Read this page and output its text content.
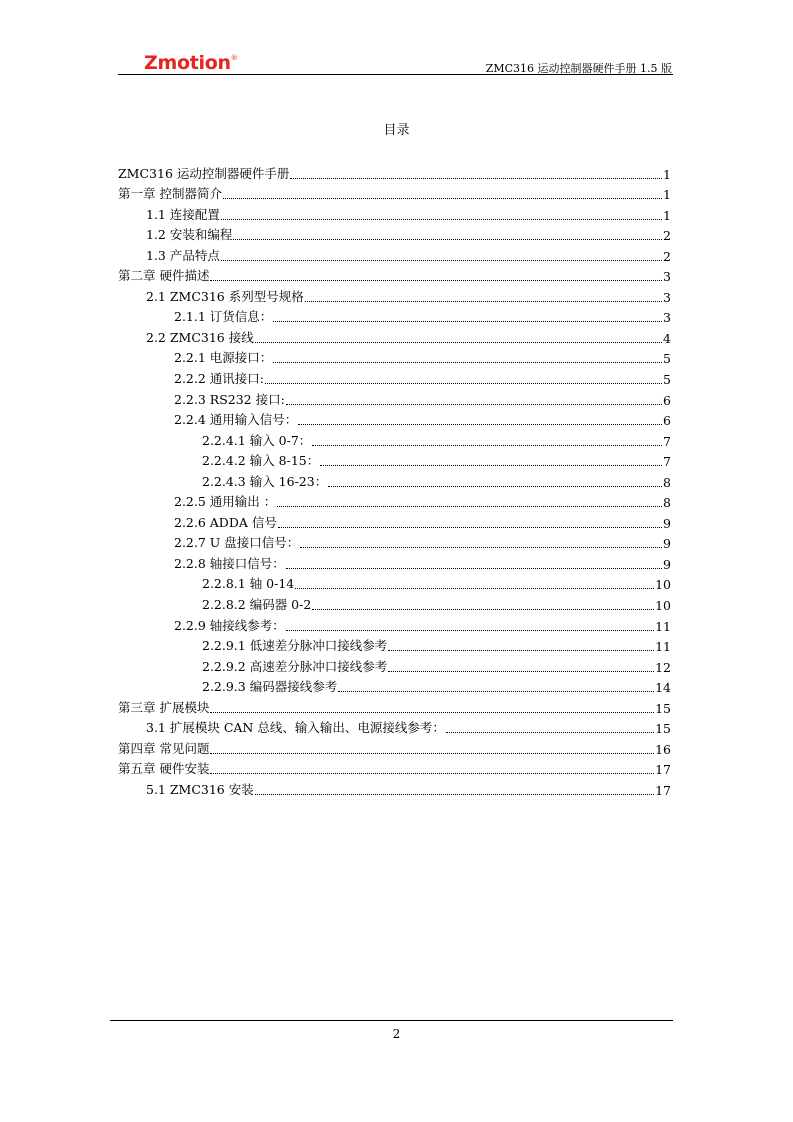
Zmotion®
ZMC316 运动控制器硬件手册 1.5 版
目录
ZMC316 运动控制器硬件手册	1
第一章 控制器简介	1
1.1 连接配置	1
1.2 安装和编程	2
1.3 产品特点	2
第二章 硬件描述	3
2.1 ZMC316 系列型号规格	3
2.1.1 订货信息：	3
2.2 ZMC316 接线	4
2.2.1 电源接口：	5
2.2.2 通讯接口:	5
2.2.3 RS232 接口:	6
2.2.4 通用输入信号：	6
2.2.4.1 输入 0-7：	7
2.2.4.2 输入 8-15：	7
2.2.4.3 输入 16-23：	8
2.2.5 通用输出 ：	8
2.2.6 ADDA 信号	9
2.2.7 U 盘接口信号：	9
2.2.8 轴接口信号：	9
2.2.8.1 轴 0-14	10
2.2.8.2 编码器 0-2	10
2.2.9 轴接线参考：	11
2.2.9.1 低速差分脉冲口接线参考	11
2.2.9.2 高速差分脉冲口接线参考	12
2.2.9.3 编码器接线参考	14
第三章 扩展模块	15
3.1 扩展模块 CAN 总线、输入输出、电源接线参考：	15
第四章 常见问题	16
第五章 硬件安装	17
5.1 ZMC316 安装	17
2
